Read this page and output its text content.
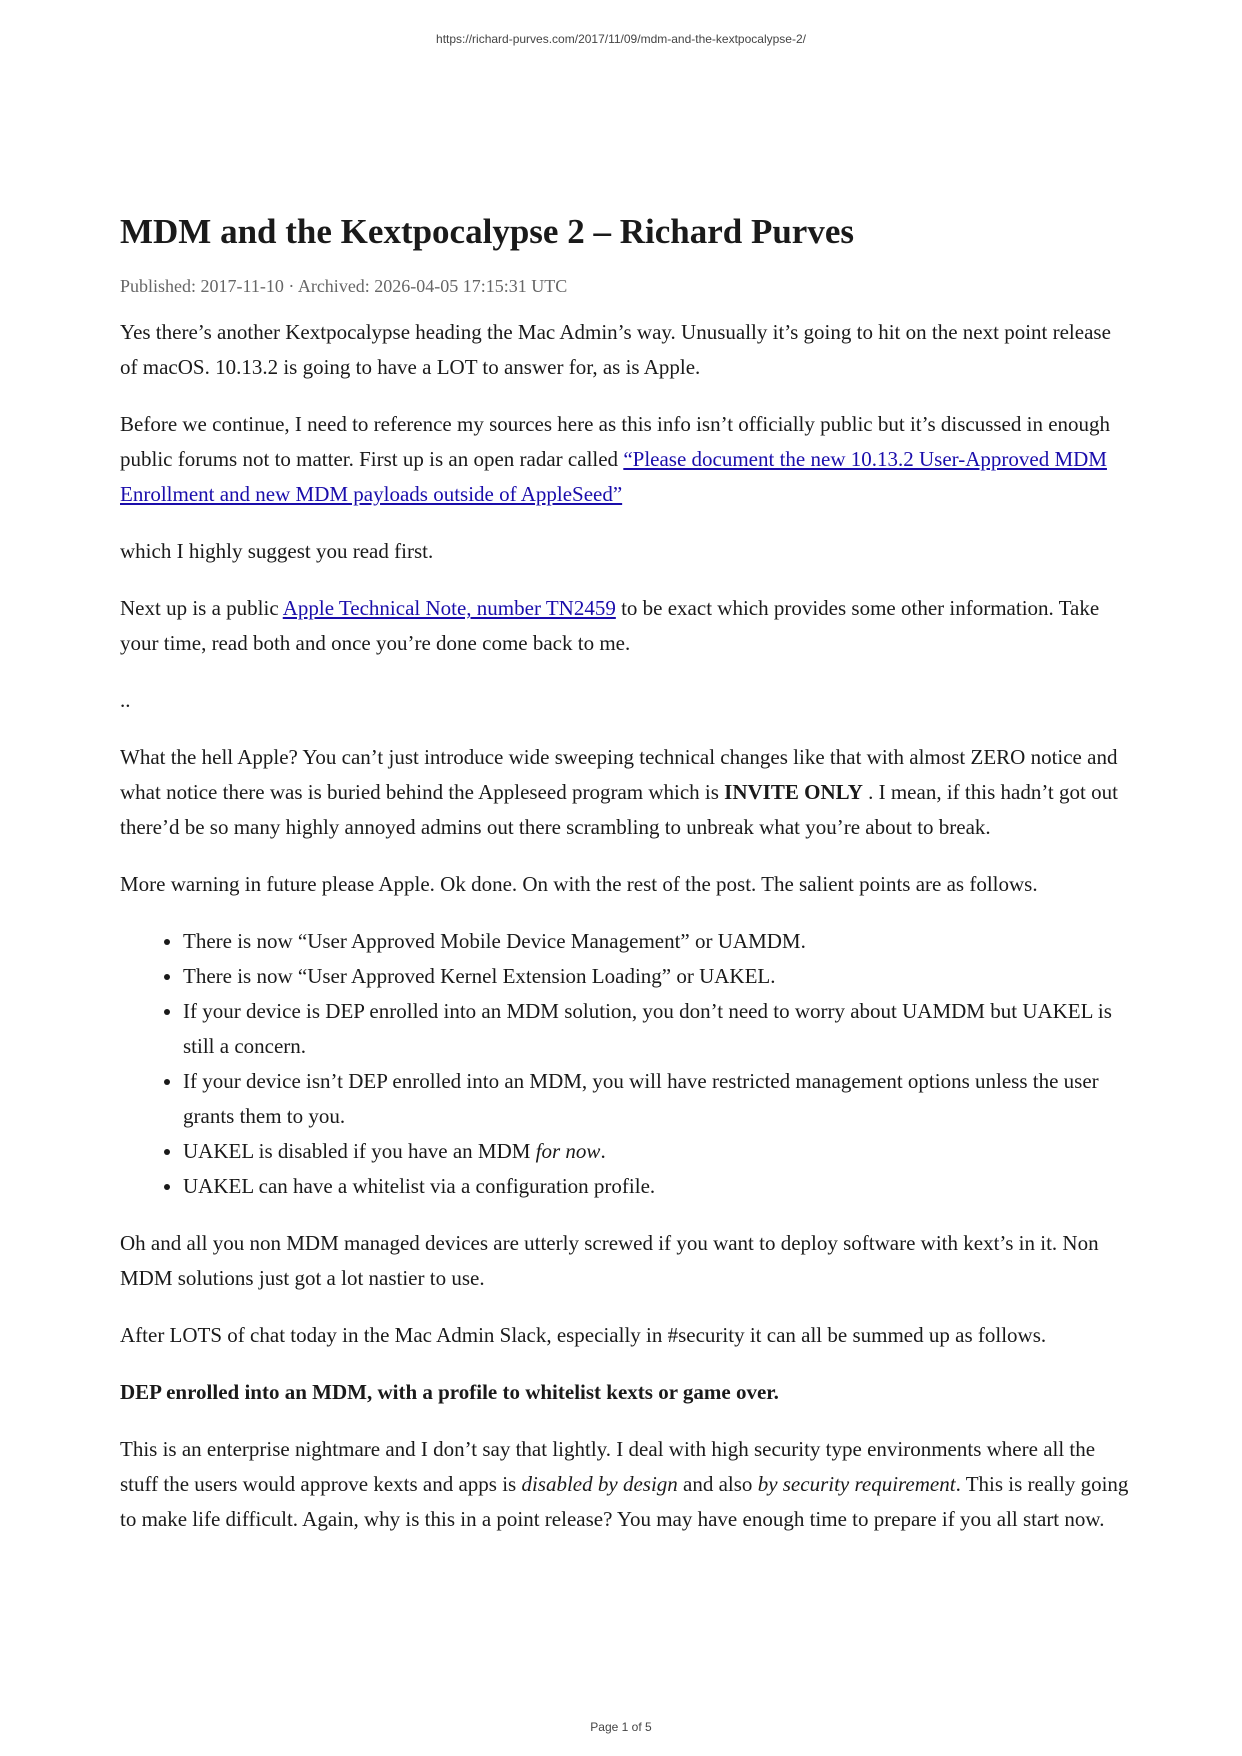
https://richard-purves.com/2017/11/09/mdm-and-the-kextpocalypse-2/
MDM and the Kextpocalypse 2 – Richard Purves
Published: 2017-11-10 · Archived: 2026-04-05 17:15:31 UTC

Yes there’s another Kextpocalypse heading the Mac Admin’s way. Unusually it’s going to hit on the next point release of macOS. 10.13.2 is going to have a LOT to answer for, as is Apple.

Before we continue, I need to reference my sources here as this info isn’t officially public but it’s discussed in enough public forums not to matter. First up is an open radar called “Please document the new 10.13.2 User-Approved MDM Enrollment and new MDM payloads outside of AppleSeed”

which I highly suggest you read first.

Next up is a public Apple Technical Note, number TN2459 to be exact which provides some other information. Take your time, read both and once you’re done come back to me.

..

What the hell Apple? You can’t just introduce wide sweeping technical changes like that with almost ZERO notice and what notice there was is buried behind the Appleseed program which is INVITE ONLY . I mean, if this hadn’t got out there’d be so many highly annoyed admins out there scrambling to unbreak what you’re about to break.

More warning in future please Apple. Ok done. On with the rest of the post. The salient points are as follows.

• There is now “User Approved Mobile Device Management” or UAMDM.
• There is now “User Approved Kernel Extension Loading” or UAKEL.
• If your device is DEP enrolled into an MDM solution, you don’t need to worry about UAMDM but UAKEL is still a concern.
• If your device isn’t DEP enrolled into an MDM, you will have restricted management options unless the user grants them to you.
• UAKEL is disabled if you have an MDM for now.
• UAKEL can have a whitelist via a configuration profile.

Oh and all you non MDM managed devices are utterly screwed if you want to deploy software with kext’s in it. Non MDM solutions just got a lot nastier to use.

After LOTS of chat today in the Mac Admin Slack, especially in #security it can all be summed up as follows.

DEP enrolled into an MDM, with a profile to whitelist kexts or game over.

This is an enterprise nightmare and I don’t say that lightly. I deal with high security type environments where all the stuff the users would approve kexts and apps is disabled by design and also by security requirement. This is really going to make life difficult. Again, why is this in a point release? You may have enough time to prepare if you all start now.

Page 1 of 5
